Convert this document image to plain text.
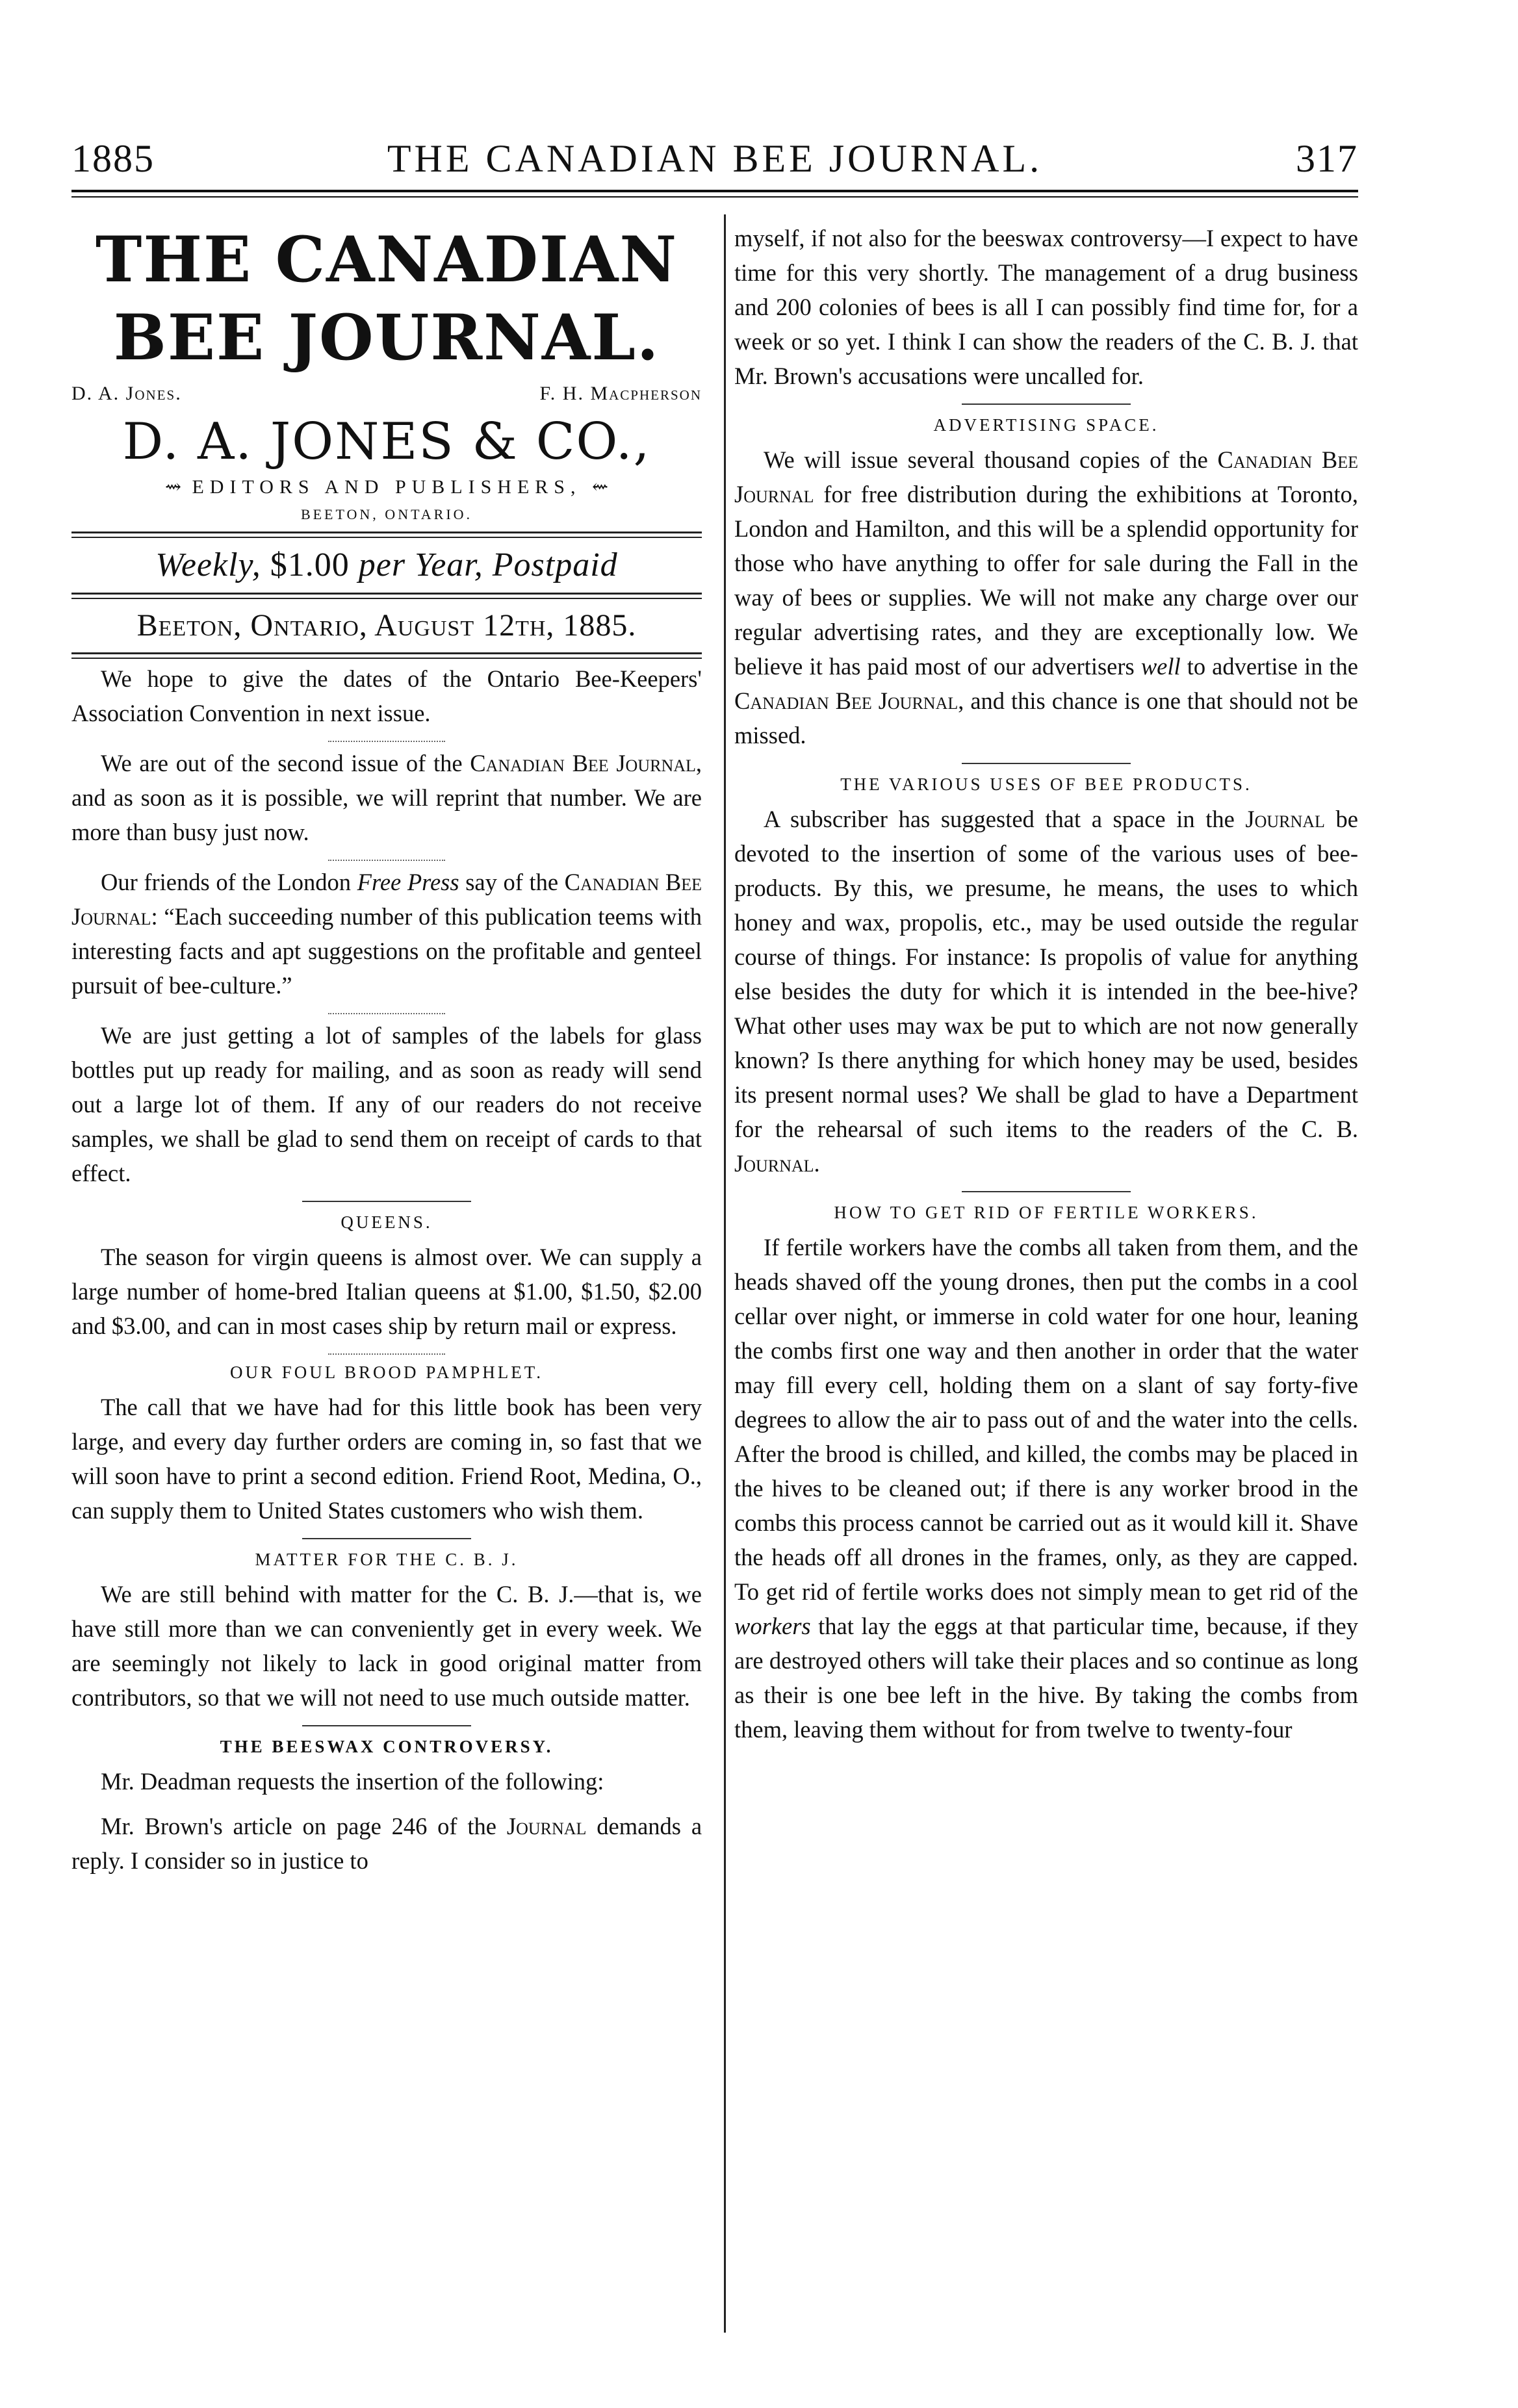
THE CANADIAN BEE JOURNAL.
1885	317
THE CANADIAN BEE JOURNAL.
D. A. Jones.	F. H. Macpherson
D. A. JONES & CO.,
⇝ EDITORS AND PUBLISHERS, ⇜
BEETON, ONTARIO.
Weekly, $1.00 per Year, Postpaid
Beeton, Ontario, August 12th, 1885.

We hope to give the dates of the Ontario Bee-Keepers' Association Convention in next issue.

We are out of the second issue of the Canadian Bee Journal, and as soon as it is possible, we will reprint that number. We are more than busy just now.

Our friends of the London Free Press say of the Canadian Bee Journal: “Each succeeding number of this publication teems with interesting facts and apt suggestions on the profitable and genteel pursuit of bee-culture.”

We are just getting a lot of samples of the labels for glass bottles put up ready for mailing, and as soon as ready will send out a large lot of them. If any of our readers do not receive samples, we shall be glad to send them on receipt of cards to that effect.

QUEENS.

The season for virgin queens is almost over. We can supply a large number of home-bred Italian queens at $1.00, $1.50, $2.00 and $3.00, and can in most cases ship by return mail or express.

OUR FOUL BROOD PAMPHLET.

The call that we have had for this little book has been very large, and every day further orders are coming in, so fast that we will soon have to print a second edition. Friend Root, Medina, O., can supply them to United States customers who wish them.

MATTER FOR THE C. B. J.

We are still behind with matter for the C. B. J.—that is, we have still more than we can conveniently get in every week. We are seemingly not likely to lack in good original matter from contributors, so that we will not need to use much outside matter.

THE BEESWAX CONTROVERSY.

Mr. Deadman requests the insertion of the following:

Mr. Brown's article on page 246 of the Journal demands a reply. I consider so in justice to

myself, if not also for the beeswax controversy—I expect to have time for this very shortly. The management of a drug business and 200 colonies of bees is all I can possibly find time for, for a week or so yet. I think I can show the readers of the C. B. J. that Mr. Brown's accusations were uncalled for.

ADVERTISING SPACE.

We will issue several thousand copies of the Canadian Bee Journal for free distribution during the exhibitions at Toronto, London and Hamilton, and this will be a splendid opportunity for those who have anything to offer for sale during the Fall in the way of bees or supplies. We will not make any charge over our regular advertising rates, and they are exceptionally low. We believe it has paid most of our advertisers well to advertise in the Canadian Bee Journal, and this chance is one that should not be missed.

THE VARIOUS USES OF BEE PRODUCTS.

A subscriber has suggested that a space in the Journal be devoted to the insertion of some of the various uses of bee-products. By this, we presume, he means, the uses to which honey and wax, propolis, etc., may be used outside the regular course of things. For instance: Is propolis of value for anything else besides the duty for which it is intended in the bee-hive? What other uses may wax be put to which are not now generally known? Is there anything for which honey may be used, besides its present normal uses? We shall be glad to have a Department for the rehearsal of such items to the readers of the C. B. Journal.

HOW TO GET RID OF FERTILE WORKERS.

If fertile workers have the combs all taken from them, and the heads shaved off the young drones, then put the combs in a cool cellar over night, or immerse in cold water for one hour, leaning the combs first one way and then another in order that the water may fill every cell, holding them on a slant of say forty-five degrees to allow the air to pass out of and the water into the cells. After the brood is chilled, and killed, the combs may be placed in the hives to be cleaned out; if there is any worker brood in the combs this process cannot be carried out as it would kill it. Shave the heads off all drones in the frames, only, as they are capped. To get rid of fertile works does not simply mean to get rid of the workers that lay the eggs at that particular time, because, if they are destroyed others will take their places and so continue as long as their is one bee left in the hive. By taking the combs from them, leaving them without for from twelve to twenty-four
